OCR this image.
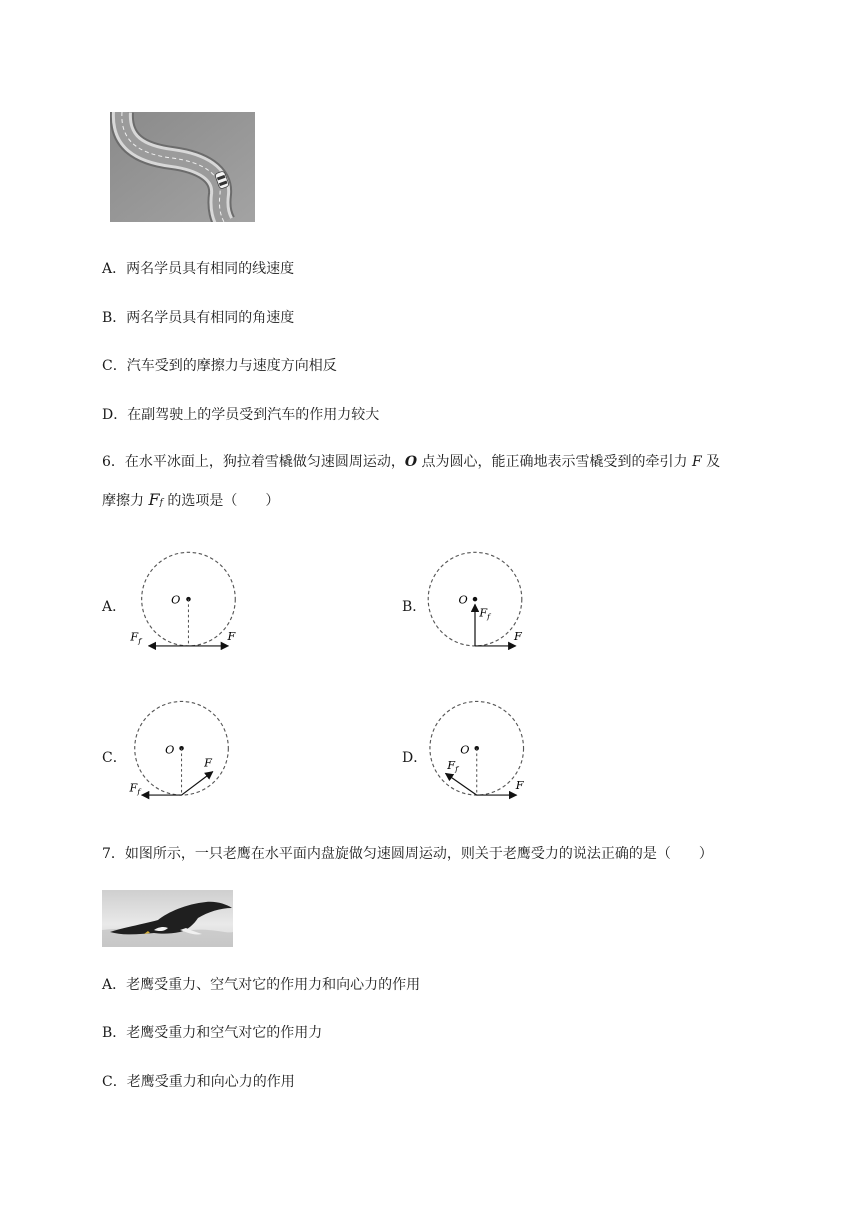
A．两名学员具有相同的线速度
B．两名学员具有相同的角速度
C．汽车受到的摩擦力与速度方向相反
D．在副驾驶上的学员受到汽车的作用力较大
6．在水平冰面上，狗拉着雪橇做匀速圆周运动，O 点为圆心，能正确地表示雪橇受到的牵引力 F 及
摩擦力 Ff 的选项是（　　）
A．	B．
C．	D．
O
F
F f
O
F
F f
O
F
F f
O
F
F f
7．如图所示，一只老鹰在水平面内盘旋做匀速圆周运动，则关于老鹰受力的说法正确的是（　　）
A．老鹰受重力、空气对它的作用力和向心力的作用
B．老鹰受重力和空气对它的作用力
C．老鹰受重力和向心力的作用
